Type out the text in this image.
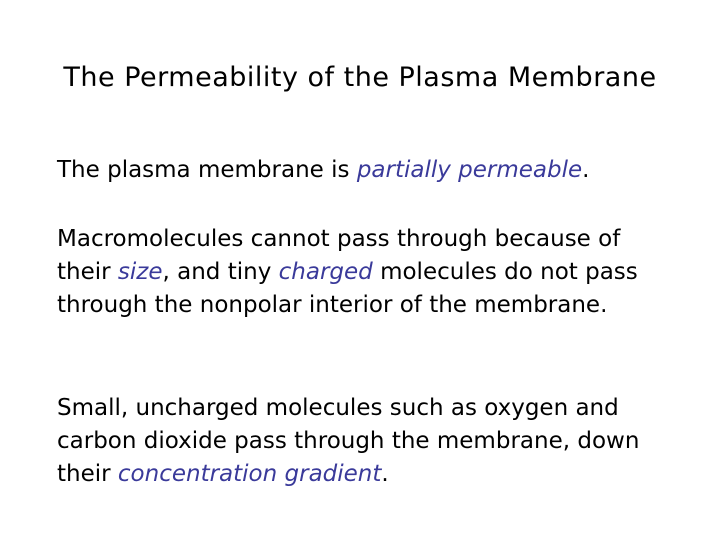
The Permeability of the Plasma Membrane
The plasma membrane is partially permeable.
Macromolecules cannot pass through because of their size, and tiny charged molecules do not pass through the nonpolar interior of the membrane.
Small, uncharged molecules such as oxygen and carbon dioxide pass through the membrane, down their concentration gradient.
